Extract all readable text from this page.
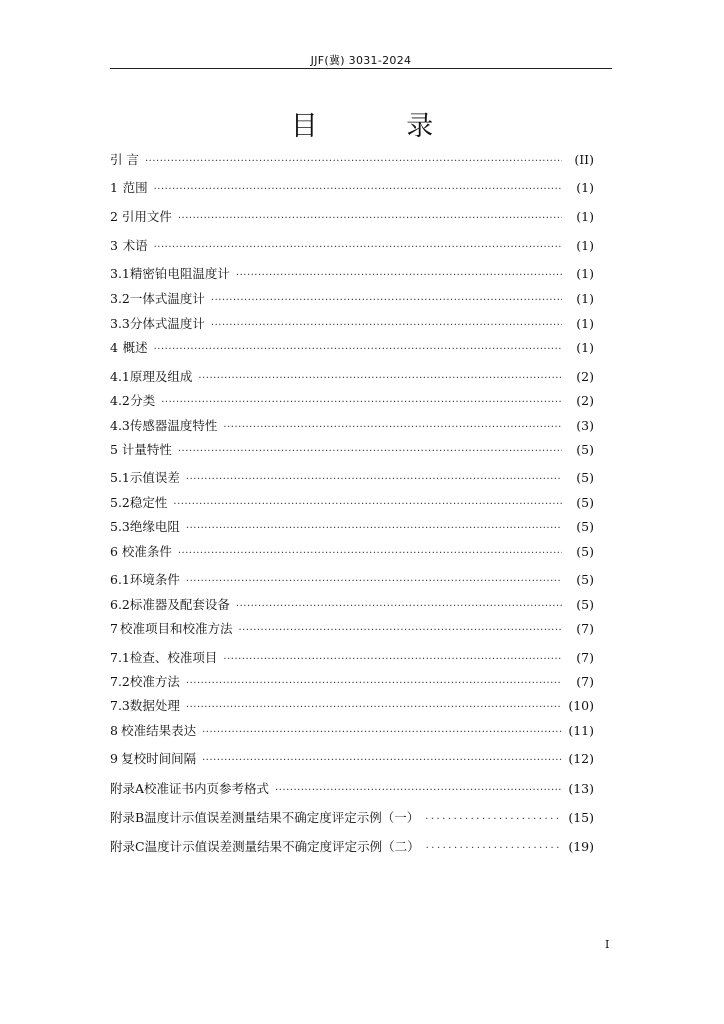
JJF(冀) 3031-2024
目 录
引 言 ·····	(II)
1 范围 ·····	(1)
2 引用文件 ·····	(1)
3 术语 ·····	(1)
3.1 精密铂电阻温度计 ·····	(1)
3.2 一体式温度计 ·····	(1)
3.3 分体式温度计 ·····	(1)
4 概述 ·····	(1)
4.1 原理及组成 ·····	(2)
4.2 分类 ·····	(2)
4.3 传感器温度特性 ·····	(3)
5 计量特性 ·····	(5)
5.1 示值误差 ·····	(5)
5.2 稳定性 ·····	(5)
5.3 绝缘电阻 ·····	(5)
6 校准条件 ·····	(5)
6.1 环境条件 ·····	(5)
6.2 标准器及配套设备 ·····	(5)
7 校准项目和校准方法 ·····	(7)
7.1 检查、校准项目 ·····	(7)
7.2 校准方法 ·····	(7)
7.3 数据处理 ·····	(10)
8 校准结果表达 ·····	(11)
9 复校时间间隔 ·····	(12)
附录A 校准证书内页参考格式 ·····	(13)
附录B 温度计示值误差测量结果不确定度评定示例（一） ·····	(15)
附录C 温度计示值误差测量结果不确定度评定示例（二） ·····	(19)
I
